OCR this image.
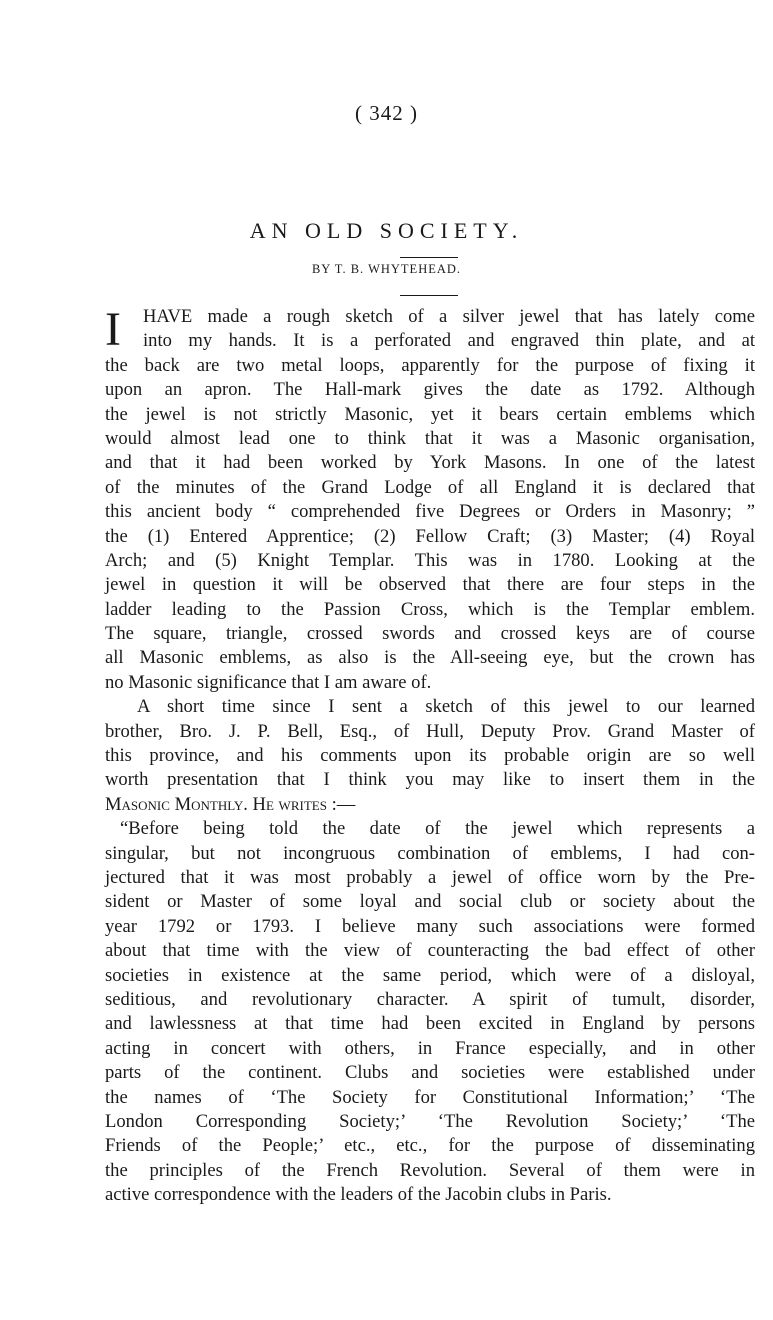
( 342 )
AN OLD SOCIETY.
BY T. B. WHYTEHEAD.
I	HAVE made a rough sketch of a silver jewel that has lately come
into my hands. It is a perforated and engraved thin plate, and at
the back are two metal loops, apparently for the purpose of fixing it
upon an apron. The Hall-mark gives the date as 1792. Although
the jewel is not strictly Masonic, yet it bears certain emblems which
would almost lead one to think that it was a Masonic organisation,
and that it had been worked by York Masons. In one of the latest
of the minutes of the Grand Lodge of all England it is declared that
this ancient body “ comprehended five Degrees or Orders in Masonry; ”
the (1) Entered Apprentice; (2) Fellow Craft; (3) Master; (4) Royal
Arch; and (5) Knight Templar. This was in 1780. Looking at the
jewel in question it will be observed that there are four steps in the
ladder leading to the Passion Cross, which is the Templar emblem.
The square, triangle, crossed swords and crossed keys are of course
all Masonic emblems, as also is the All-seeing eye, but the crown has
no Masonic significance that I am aware of.
A short time since I sent a sketch of this jewel to our learned
brother, Bro. J. P. Bell, Esq., of Hull, Deputy Prov. Grand Master of
this province, and his comments upon its probable origin are so well
worth presentation that I think you may like to insert them in the
Masonic Monthly. He writes :—
“Before being told the date of the jewel which represents a
singular, but not incongruous combination of emblems, I had con-
jectured that it was most probably a jewel of office worn by the Pre-
sident or Master of some loyal and social club or society about the
year 1792 or 1793. I believe many such associations were formed
about that time with the view of counteracting the bad effect of other
societies in existence at the same period, which were of a disloyal,
seditious, and revolutionary character. A spirit of tumult, disorder,
and lawlessness at that time had been excited in England by persons
acting in concert with others, in France especially, and in other
parts of the continent. Clubs and societies were established under
the names of ‘The Society for Constitutional Information;’ ‘The
London Corresponding Society;’ ‘The Revolution Society;’ ‘The
Friends of the People;’ etc., etc., for the purpose of disseminating
the principles of the French Revolution. Several of them were in
active correspondence with the leaders of the Jacobin clubs in Paris.
